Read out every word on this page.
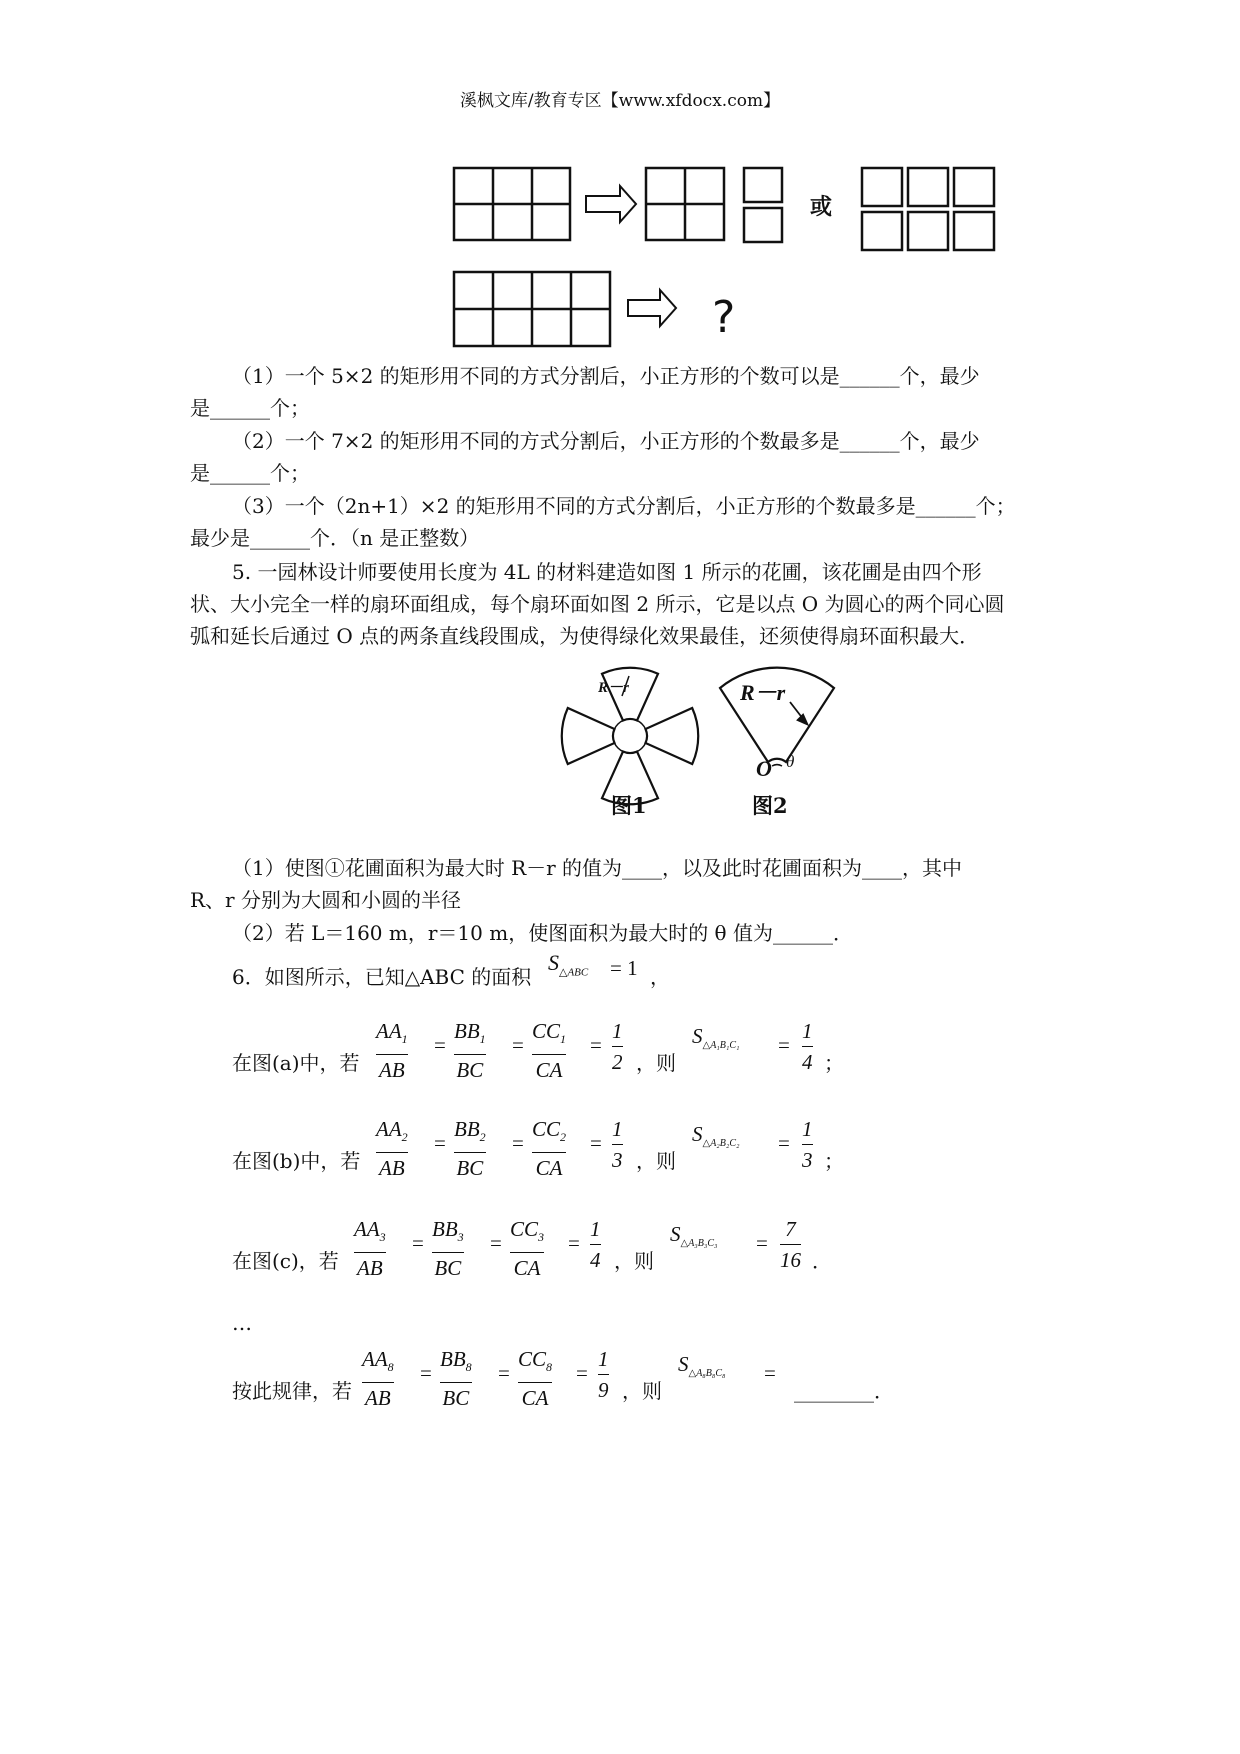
溪枫文库/教育专区【www.xfdocx.com】
或
?
（1）一个 5×2 的矩形用不同的方式分割后，小正方形的个数可以是______个，最少
是______个；
（2）一个 7×2 的矩形用不同的方式分割后，小正方形的个数最多是______个，最少
是______个；
（3）一个（2n+1）×2 的矩形用不同的方式分割后，小正方形的个数最多是______个；
最少是______个．（n 是正整数）
5. 一园林设计师要使用长度为 4L 的材料建造如图 1 所示的花圃，该花圃是由四个形
状、大小完全一样的扇环面组成，每个扇环面如图 2 所示，它是以点 O 为圆心的两个同心圆
弧和延长后通过 O 点的两条直线段围成，为使得绿化效果最佳，还须使得扇环面积最大．
R－r	R－r
O θ
图1	图2
（1）使图①花圃面积为最大时 R－r 的值为____，以及此时花圃面积为____，其中
R、r 分别为大圆和小圆的半径
（2）若 L＝160 m，r＝10 m，使图面积为最大时的 θ 值为______．
6．如图所示，已知△ABC 的面积
$S_{\triangle ABC} = 1$ ，
在图(a)中，若
$AA_1$
AB
=
$BB_1$
BC
=
$CC_1$
CA
=
1
2 ，则
$S_{\triangle A_1B_1C_1}$ =
1
4 ；
在图(b)中，若
$AA_2$
AB
=
$BB_2$
BC
=
$CC_2$
CA
=
1
3 ，则
$S_{\triangle A_2B_2C_2}$ =
1
3 ；
在图(c)，若
$AA_3$
AB
=
$BB_3$
BC
=
$CC_3$
CA
=
1
4 ，则
$S_{\triangle A_3B_3C_3}$ =
7
16 ．
按此规律，若
$AA_8$
AB
=
$BB_8$
BC
=
$CC_8$
CA
=
1
9 ，则
$S_{\triangle A_8B_8C_8}$ =
________．
…
